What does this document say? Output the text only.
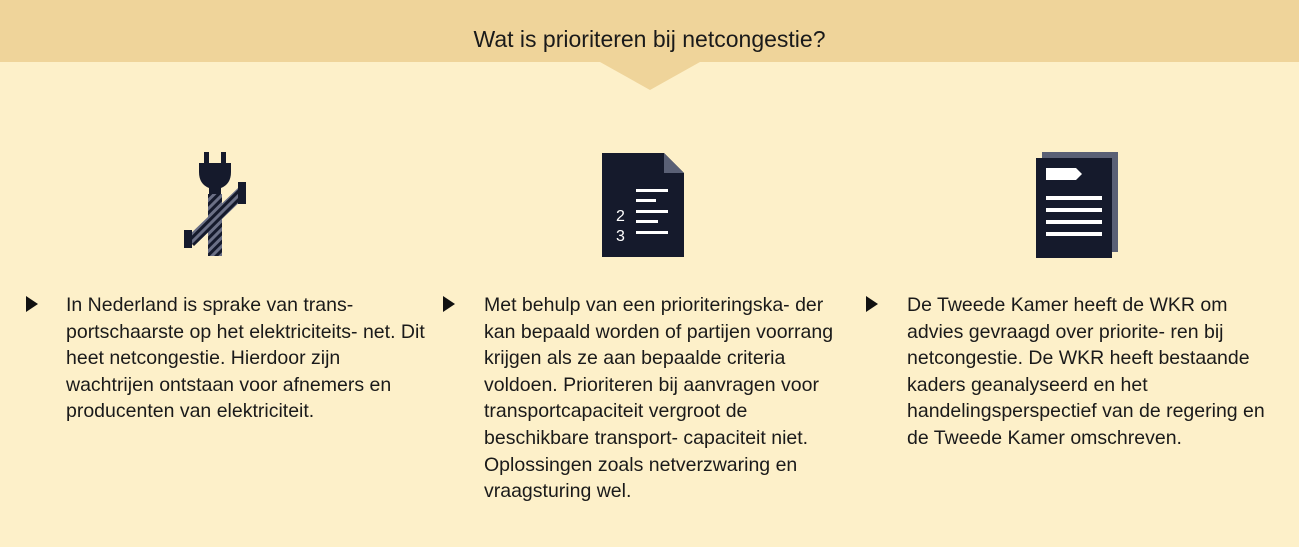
Wat is prioriteren bij netcongestie?
2
3
In Nederland is sprake van trans- portschaarste op het elektriciteits- net. Dit heet netcongestie. Hierdoor zijn wachtrijen ontstaan voor afnemers en producenten van elektriciteit.
Met behulp van een prioriteringska- der kan bepaald worden of partijen voorrang krijgen als ze aan bepaalde criteria voldoen. Prioriteren bij aanvragen voor transportcapaciteit vergroot de beschikbare transport- capaciteit niet. Oplossingen zoals netverzwaring en vraagsturing wel.
De Tweede Kamer heeft de WKR om advies gevraagd over priorite- ren bij netcongestie. De WKR heeft bestaande kaders geanalyseerd en het handelingsperspectief van de regering en de Tweede Kamer omschreven.
